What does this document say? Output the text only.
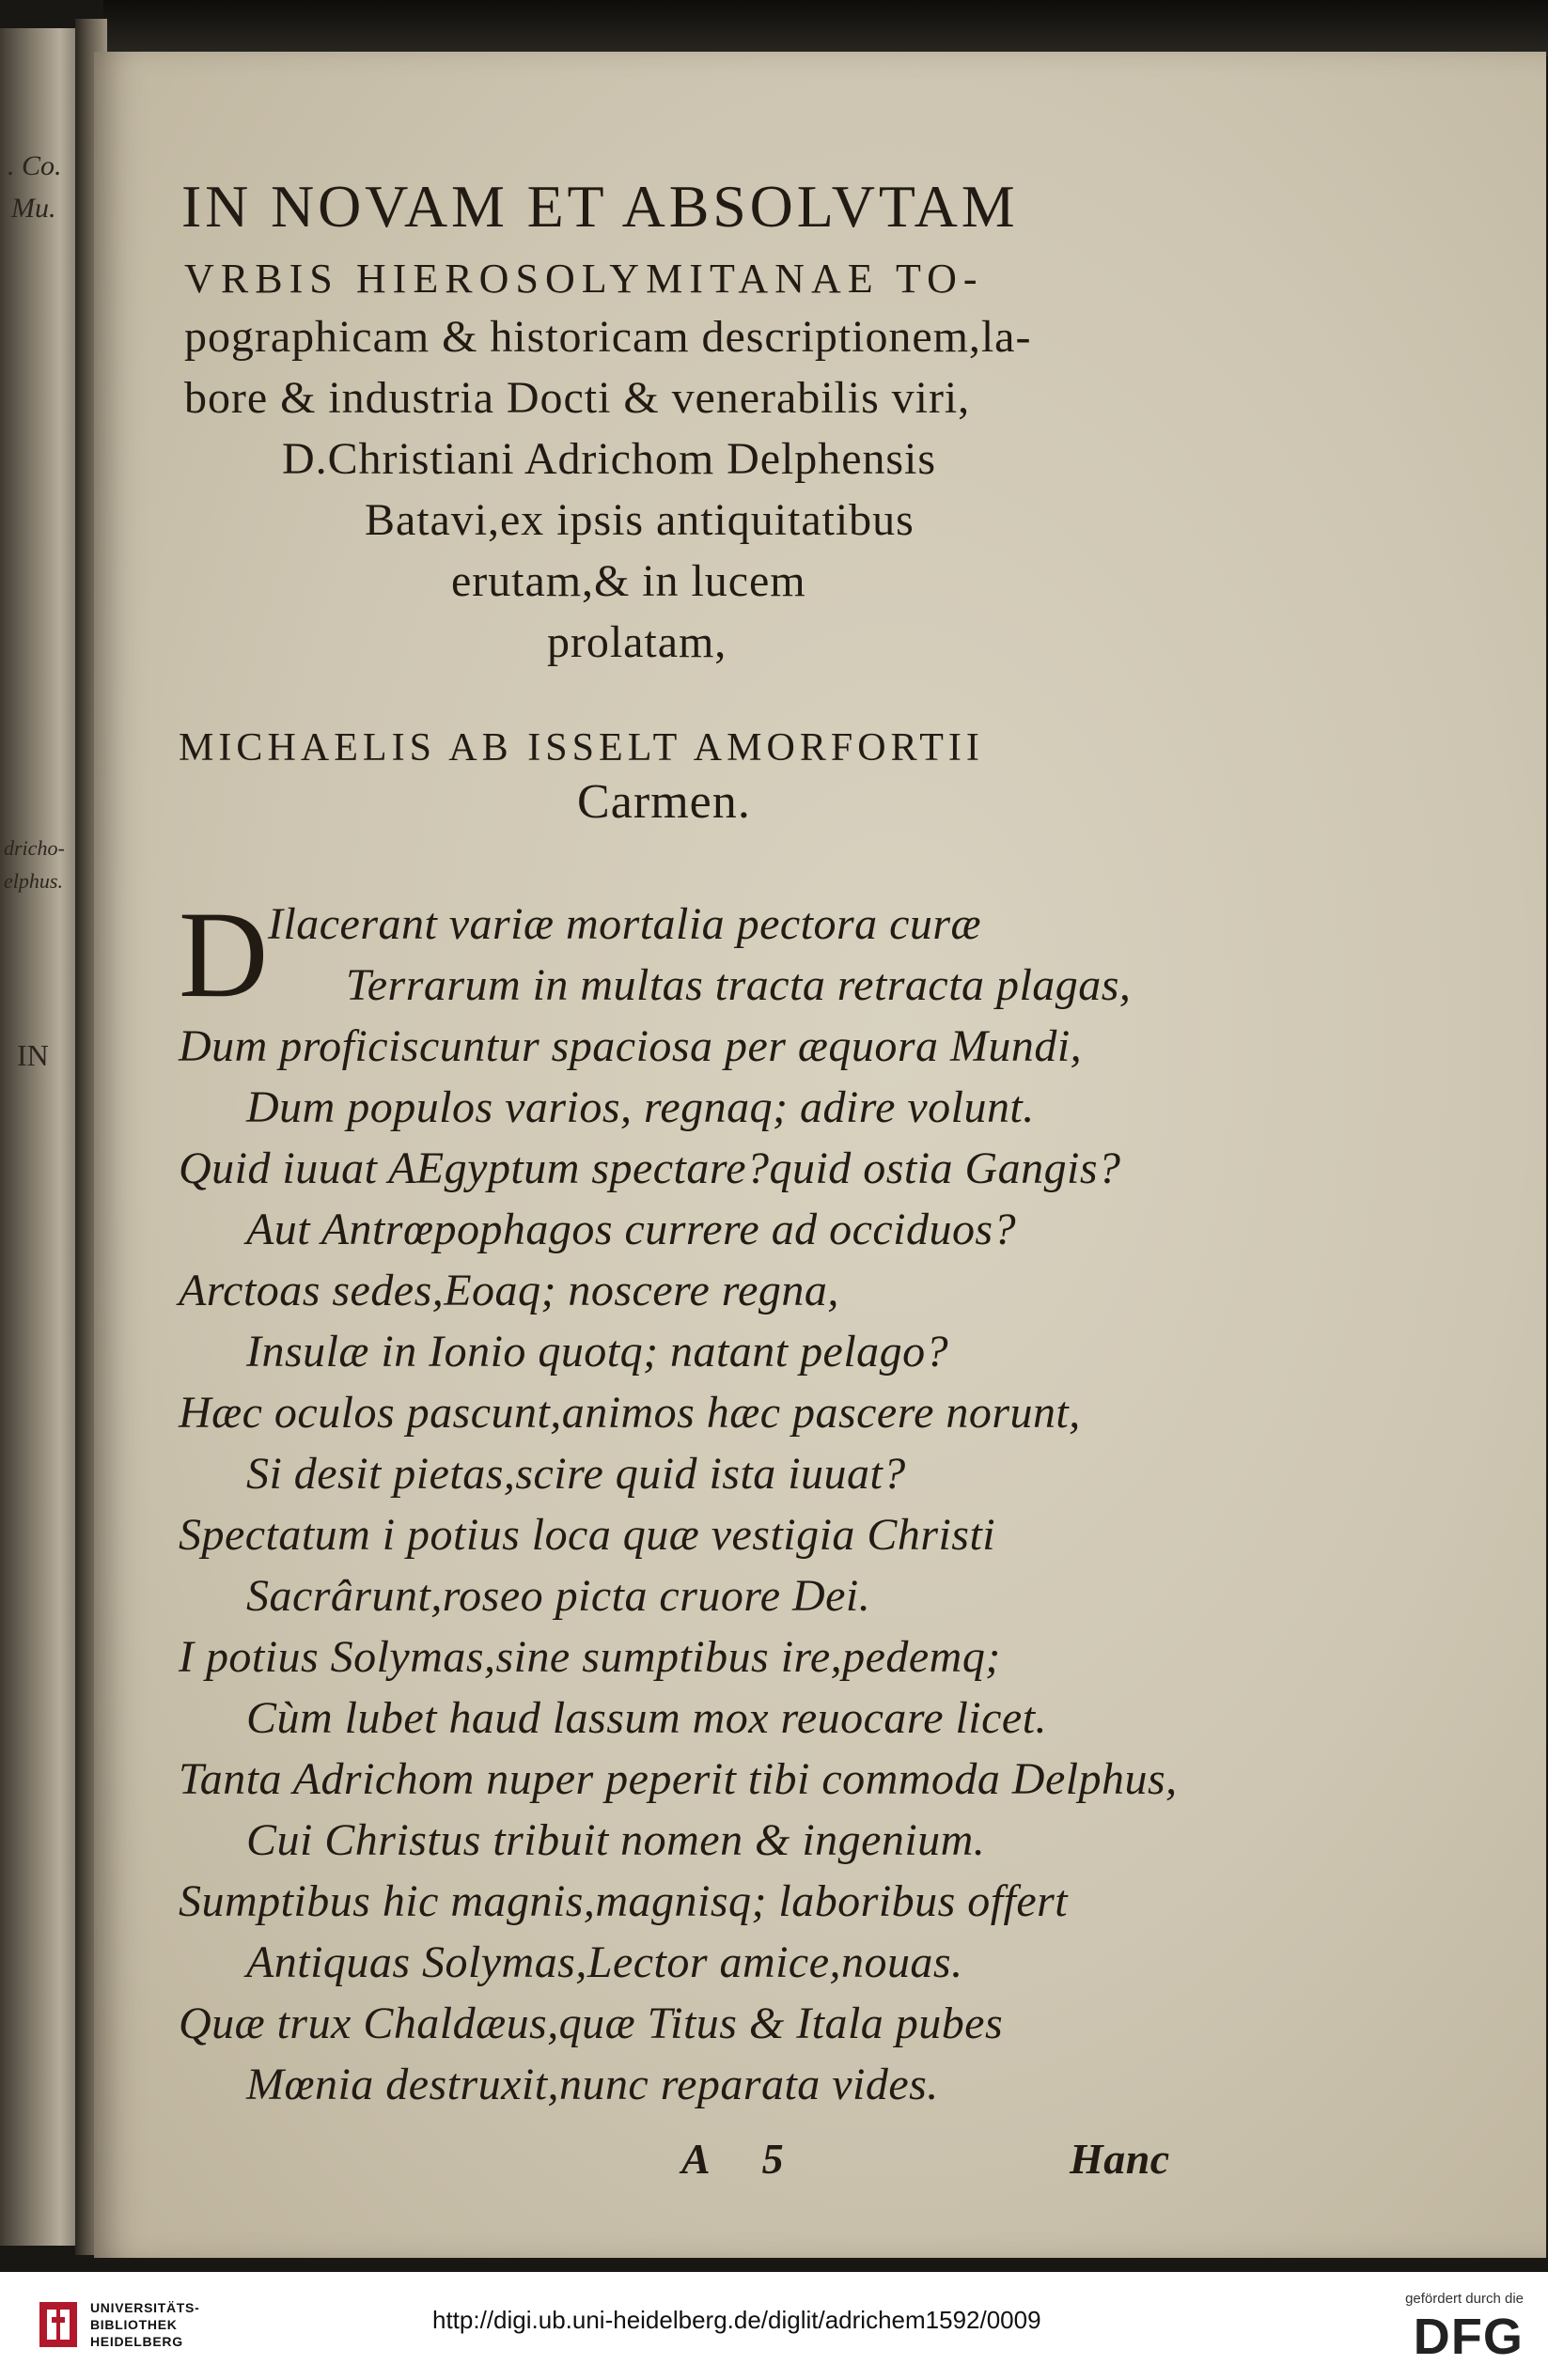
. Co.
Mu.
dricho-
elphus.
IN
IN NOVAM ET ABSOLVTAM
VRBIS HIEROSOLYMITANAE TO-
pographicam & historicam descriptionem,la-
bore & industria Docti & venerabilis viri,
D.Christiani Adrichom Delphensis
Batavi,ex ipsis antiquitatibus
erutam,& in lucem
prolatam,
MICHAELIS AB ISSELT AMORFORTII
Carmen.
D Ilacerant variæ mortalia pectora curæ
Terrarum in multas tracta retracta plagas,
Dum proficiscuntur spaciosa per æquora Mundi,
Dum populos varios, regnaq; adire volunt.
Quid iuuat AEgyptum spectare?quid ostia Gangis?
Aut Antrœpophagos currere ad occiduos?
Arctoas sedes,Eoaq; noscere regna,
Insulæ in Ionio quotq; natant pelago?
Hæc oculos pascunt,animos hæc pascere norunt,
Si desit pietas,scire quid ista iuuat?
Spectatum i potius loca quæ vestigia Christi
Sacrârunt,roseo picta cruore Dei.
I potius Solymas,sine sumptibus ire,pedemq;
Cùm lubet haud lassum mox reuocare licet.
Tanta Adrichom nuper peperit tibi commoda Delphus,
Cui Christus tribuit nomen & ingenium.
Sumptibus hic magnis,magnisq; laboribus offert
Antiquas Solymas,Lector amice,nouas.
Quæ trux Chaldæus,quæ Titus & Itala pubes
Mœnia destruxit,nunc reparata vides.
A 5	Hanc
UNIVERSITÄTS-
BIBLIOTHEK
HEIDELBERG
http://digi.ub.uni-heidelberg.de/diglit/adrichem1592/0009
gefördert durch die
DFG
